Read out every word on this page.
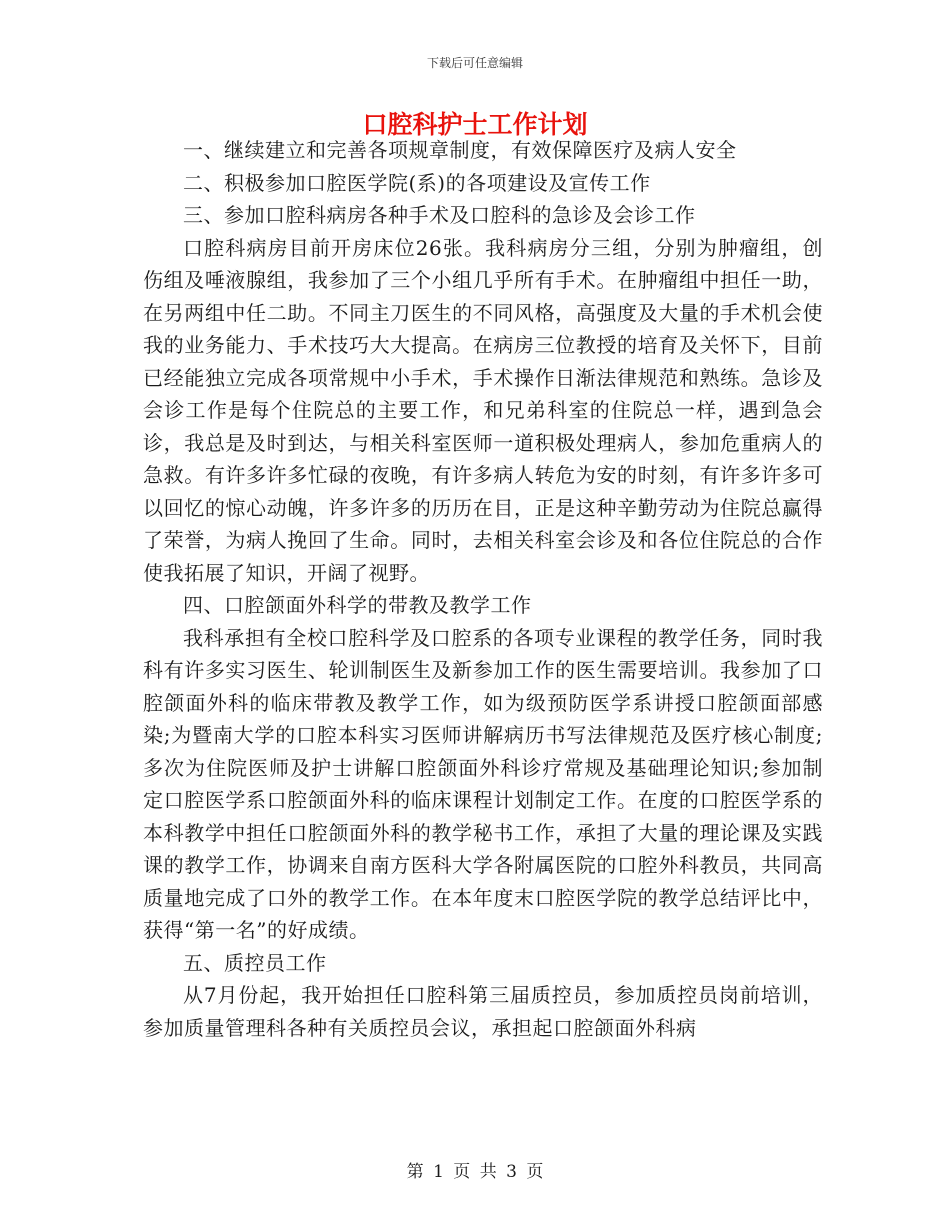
下载后可任意编辑
口腔科护士工作计划

一、继续建立和完善各项规章制度，有效保障医疗及病人安全

二、积极参加口腔医学院(系)的各项建设及宣传工作

三、参加口腔科病房各种手术及口腔科的急诊及会诊工作

口腔科病房目前开房床位26张。我科病房分三组，分别为肿瘤组，创伤组及唾液腺组，我参加了三个小组几乎所有手术。在肿瘤组中担任一助，在另两组中任二助。不同主刀医生的不同风格，高强度及大量的手术机会使我的业务能力、手术技巧大大提高。在病房三位教授的培育及关怀下，目前已经能独立完成各项常规中小手术，手术操作日渐法律规范和熟练。急诊及会诊工作是每个住院总的主要工作，和兄弟科室的住院总一样，遇到急会诊，我总是及时到达，与相关科室医师一道积极处理病人，参加危重病人的急救。有许多许多忙碌的夜晚，有许多病人转危为安的时刻，有许多许多可以回忆的惊心动魄，许多许多的历历在目，正是这种辛勤劳动为住院总赢得了荣誉，为病人挽回了生命。同时，去相关科室会诊及和各位住院总的合作使我拓展了知识，开阔了视野。

四、口腔颌面外科学的带教及教学工作

我科承担有全校口腔科学及口腔系的各项专业课程的教学任务，同时我科有许多实习医生、轮训制医生及新参加工作的医生需要培训。我参加了口腔颌面外科的临床带教及教学工作，如为级预防医学系讲授口腔颌面部感染;为暨南大学的口腔本科实习医师讲解病历书写法律规范及医疗核心制度;多次为住院医师及护士讲解口腔颌面外科诊疗常规及基础理论知识;参加制定口腔医学系口腔颌面外科的临床课程计划制定工作。在度的口腔医学系的本科教学中担任口腔颌面外科的教学秘书工作，承担了大量的理论课及实践课的教学工作，协调来自南方医科大学各附属医院的口腔外科教员，共同高质量地完成了口外的教学工作。在本年度末口腔医学院的教学总结评比中，获得“第一名”的好成绩。

五、质控员工作

从7月份起，我开始担任口腔科第三届质控员，参加质控员岗前培训，参加质量管理科各种有关质控员会议，承担起口腔颌面外科病

第 1 页 共 3 页
